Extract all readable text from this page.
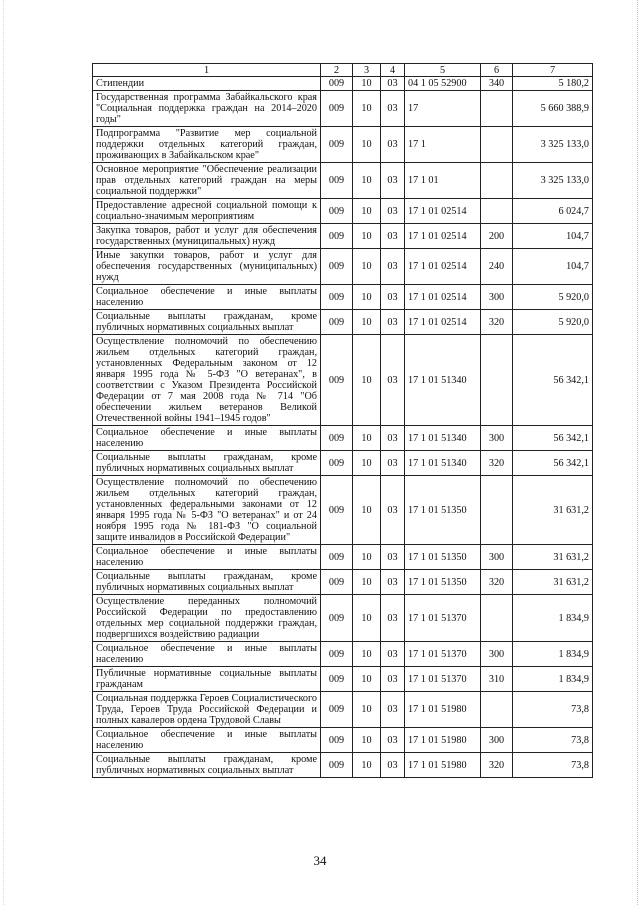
1	2	3	4	5	6	7
Стипендии	009	10	03	04 1 05 52900	340	5 180,2
Государственная программа Забайкальского края "Социальная поддержка граждан на 2014–2020 годы"	009	10	03	17		5 660 388,9
Подпрограмма "Развитие мер социальной поддержки отдельных категорий граждан, проживающих в Забайкальском крае"	009	10	03	17 1		3 325 133,0
Основное мероприятие "Обеспечение реализации прав отдельных категорий граждан на меры социальной поддержки"	009	10	03	17 1 01		3 325 133,0
Предоставление адресной социальной помощи к социально-значимым мероприятиям	009	10	03	17 1 01 02514		6 024,7
Закупка товаров, работ и услуг для обеспечения государственных (муниципальных) нужд	009	10	03	17 1 01 02514	200	104,7
Иные закупки товаров, работ и услуг для обеспечения государственных (муниципальных) нужд	009	10	03	17 1 01 02514	240	104,7
Социальное обеспечение и иные выплаты населению	009	10	03	17 1 01 02514	300	5 920,0
Социальные выплаты гражданам, кроме публичных нормативных социальных выплат	009	10	03	17 1 01 02514	320	5 920,0
Осуществление полномочий по обеспечению жильем отдельных категорий граждан, установленных Федеральным законом от 12 января 1995 года № 5-ФЗ "О ветеранах", в соответствии с Указом Президента Российской Федерации от 7 мая 2008 года № 714 "Об обеспечении жильем ветеранов Великой Отечественной войны 1941–1945 годов"	009	10	03	17 1 01 51340		56 342,1
Социальное обеспечение и иные выплаты населению	009	10	03	17 1 01 51340	300	56 342,1
Социальные выплаты гражданам, кроме публичных нормативных социальных выплат	009	10	03	17 1 01 51340	320	56 342,1
Осуществление полномочий по обеспечению жильем отдельных категорий граждан, установленных федеральными законами от 12 января 1995 года № 5-ФЗ "О ветеранах" и от 24 ноября 1995 года № 181-ФЗ "О социальной защите инвалидов в Российской Федерации"	009	10	03	17 1 01 51350		31 631,2
Социальное обеспечение и иные выплаты населению	009	10	03	17 1 01 51350	300	31 631,2
Социальные выплаты гражданам, кроме публичных нормативных социальных выплат	009	10	03	17 1 01 51350	320	31 631,2
Осуществление переданных полномочий Российской Федерации по предоставлению отдельных мер социальной поддержки граждан, подвергшихся воздействию радиации	009	10	03	17 1 01 51370		1 834,9
Социальное обеспечение и иные выплаты населению	009	10	03	17 1 01 51370	300	1 834,9
Публичные нормативные социальные выплаты гражданам	009	10	03	17 1 01 51370	310	1 834,9
Социальная поддержка Героев Социалистического Труда, Героев Труда Российской Федерации и полных кавалеров ордена Трудовой Славы	009	10	03	17 1 01 51980		73,8
Социальное обеспечение и иные выплаты населению	009	10	03	17 1 01 51980	300	73,8
Социальные выплаты гражданам, кроме публичных нормативных социальных выплат	009	10	03	17 1 01 51980	320	73,8
34
